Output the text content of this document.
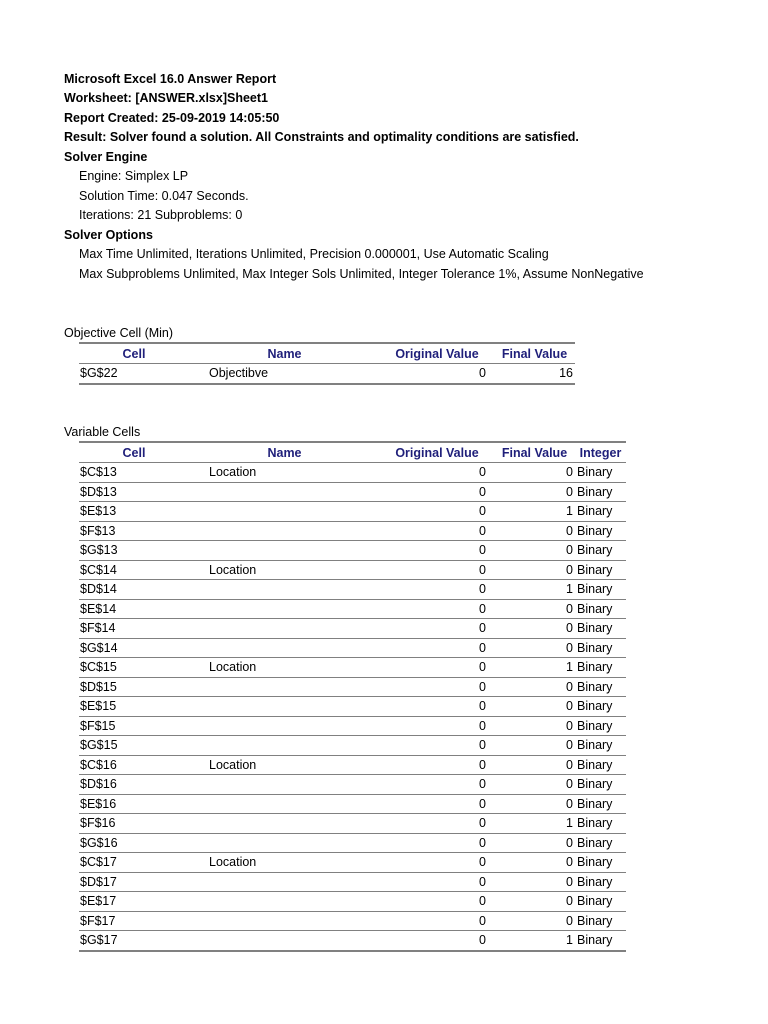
Microsoft Excel 16.0 Answer Report
Worksheet: [ANSWER.xlsx]Sheet1
Report Created: 25-09-2019 14:05:50
Result: Solver found a solution. All Constraints and optimality conditions are satisfied.
Solver Engine
Engine: Simplex LP
Solution Time: 0.047 Seconds.
Iterations: 21 Subproblems: 0
Solver Options
Max Time Unlimited, Iterations Unlimited, Precision 0.000001, Use Automatic Scaling
Max Subproblems Unlimited, Max Integer Sols Unlimited, Integer Tolerance 1%, Assume NonNegative
Objective Cell (Min)
Cell	Name	Original Value	Final Value
$G$22	Objectibve	0	16
Variable Cells
Cell	Name	Original Value	Final Value	Integer
$C$13	Location	0	0	Binary
$D$13		0	0	Binary
$E$13		0	1	Binary
$F$13		0	0	Binary
$G$13		0	0	Binary
$C$14	Location	0	0	Binary
$D$14		0	1	Binary
$E$14		0	0	Binary
$F$14		0	0	Binary
$G$14		0	0	Binary
$C$15	Location	0	1	Binary
$D$15		0	0	Binary
$E$15		0	0	Binary
$F$15		0	0	Binary
$G$15		0	0	Binary
$C$16	Location	0	0	Binary
$D$16		0	0	Binary
$E$16		0	0	Binary
$F$16		0	1	Binary
$G$16		0	0	Binary
$C$17	Location	0	0	Binary
$D$17		0	0	Binary
$E$17		0	0	Binary
$F$17		0	0	Binary
$G$17		0	1	Binary
